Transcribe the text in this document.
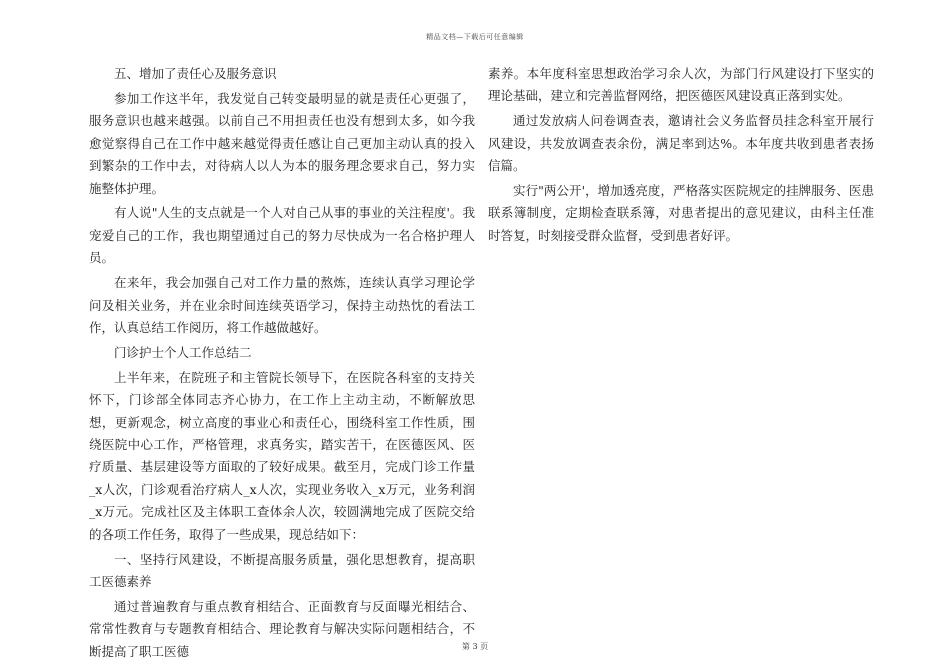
精品文档—下载后可任意编辑

五、增加了责任心及服务意识

参加工作这半年，我发觉自己转变最明显的就是责任心更强了，服务意识也越来越强。以前自己不用担责任也没有想到太多，如今我愈觉察得自己在工作中越来越觉得责任感让自己更加主动认真的投入到繁杂的工作中去，对待病人以人为本的服务理念要求自己，努力实施整体护理。

有人说"人生的支点就是一个人对自己从事的事业的关注程度'。我宠爱自己的工作，我也期望通过自己的努力尽快成为一名合格护理人员。

在来年，我会加强自己对工作力量的熬炼，连续认真学习理论学问及相关业务，并在业余时间连续英语学习，保持主动热忱的看法工作，认真总结工作阅历，将工作越做越好。

门诊护士个人工作总结二

上半年来，在院班子和主管院长领导下，在医院各科室的支持关怀下，门诊部全体同志齐心协力，在工作上主动主动，不断解放思想，更新观念，树立高度的事业心和责任心，围绕科室工作性质，围绕医院中心工作，严格管理，求真务实，踏实苦干，在医德医风、医疗质量、基层建设等方面取的了较好成果。截至月，完成门诊工作量_x人次，门诊观看治疗病人_x人次，实现业务收入_x万元，业务利润_x万元。完成社区及主体职工查体余人次，较圆满地完成了医院交给的各项工作任务，取得了一些成果，现总结如下：

一、坚持行风建设，不断提高服务质量，强化思想教育，提高职工医德素养

通过普遍教育与重点教育相结合、正面教育与反面曝光相结合、常常性教育与专题教育相结合、理论教育与解决实际问题相结合，不断提高了职工医德

素养。本年度科室思想政治学习余人次，为部门行风建设打下坚实的理论基础，建立和完善监督网络，把医德医风建设真正落到实处。

通过发放病人问卷调查表，邀请社会义务监督员挂念科室开展行风建设，共发放调查表余份，满足率到达%。本年度共收到患者表扬信篇。

实行"两公开'，增加透亮度，严格落实医院规定的挂牌服务、医患联系簿制度，定期检查联系簿，对患者提出的意见建议，由科主任准时答复，时刻接受群众监督，受到患者好评。

第 3 页
